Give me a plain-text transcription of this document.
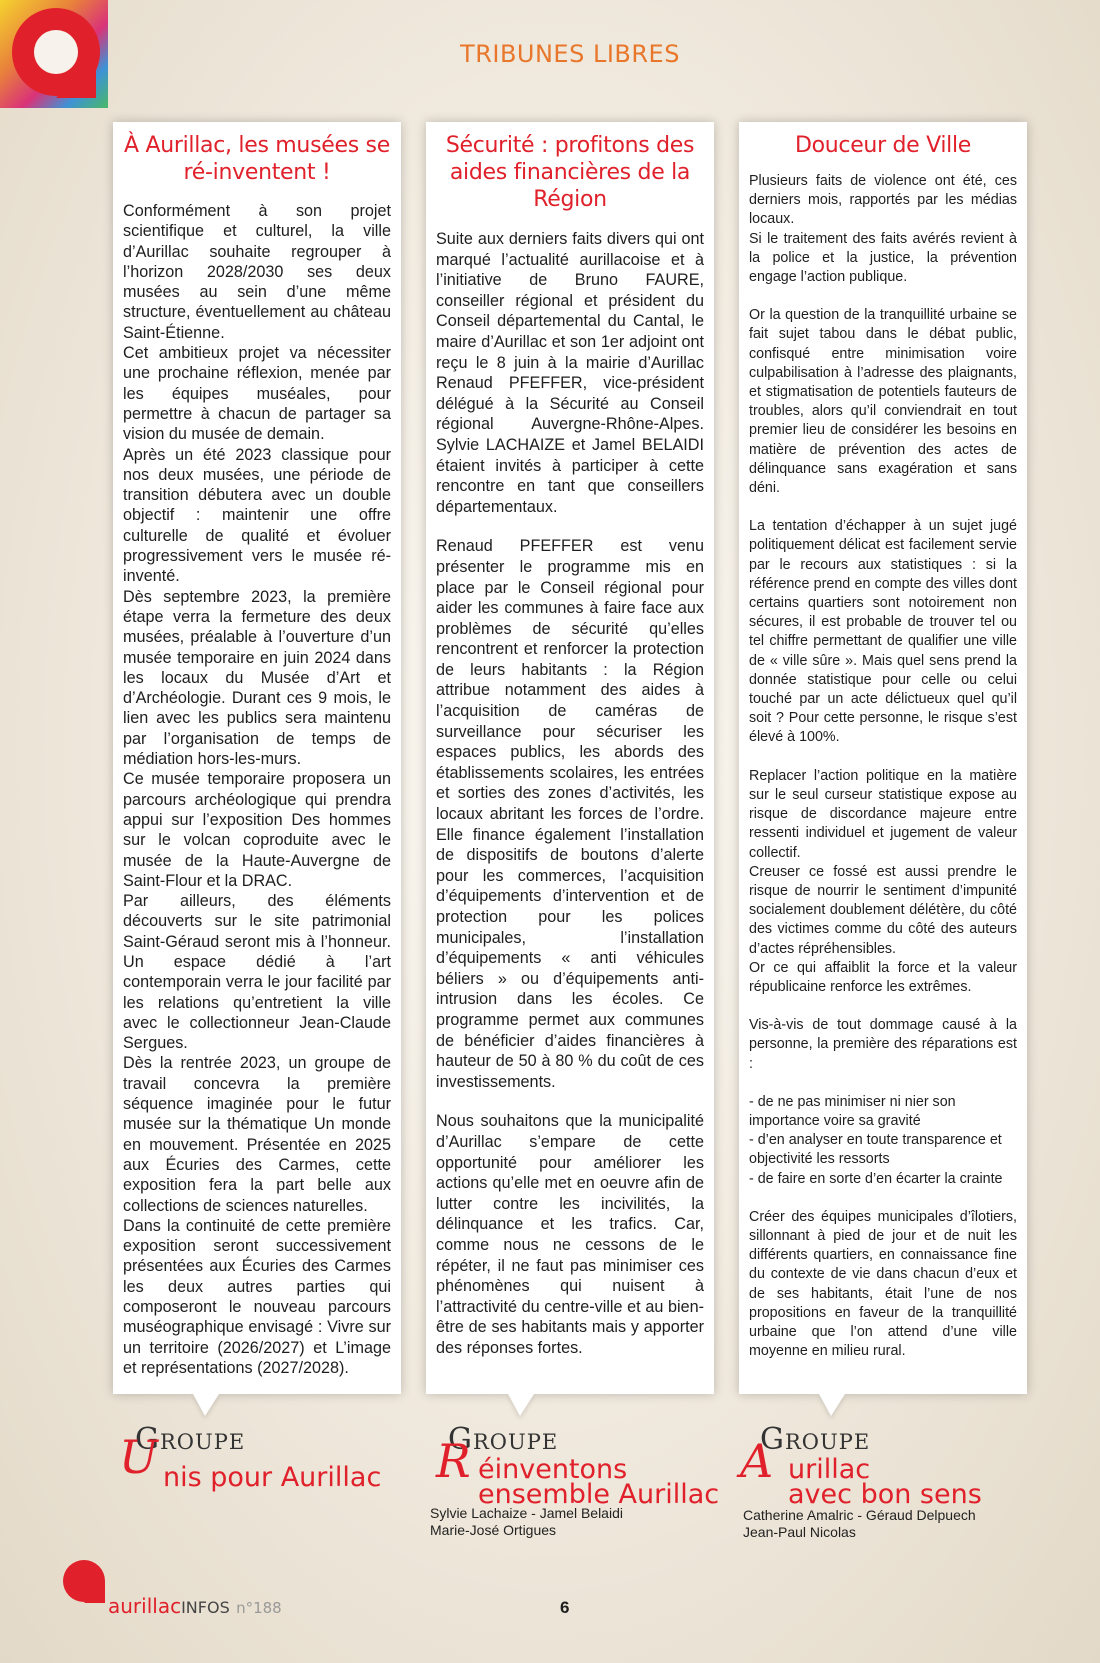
TRIBUNES LIBRES
À Aurillac, les musées se ré-inventent !

Conformément à son projet scientifique et culturel, la ville d’Aurillac souhaite regrouper à l’horizon 2028/2030 ses deux musées au sein d’une même structure, éventuellement au château Saint-Étienne.

Cet ambitieux projet va nécessiter une prochaine réflexion, menée par les équipes muséales, pour permettre à chacun de partager sa vision du musée de demain.

Après un été 2023 classique pour nos deux musées, une période de transition débutera avec un double objectif : maintenir une offre culturelle de qualité et évoluer progressivement vers le musée ré-inventé.

Dès septembre 2023, la première étape verra la fermeture des deux musées, préalable à l’ouverture d’un musée temporaire en juin 2024 dans les locaux du Musée d’Art et d’Archéologie. Durant ces 9 mois, le lien avec les publics sera maintenu par l’organisation de temps de médiation hors-les-murs.

Ce musée temporaire proposera un parcours archéologique qui prendra appui sur l’exposition Des hommes sur le volcan coproduite avec le musée de la Haute-Auvergne de Saint-Flour et la DRAC.

Par ailleurs, des éléments découverts sur le site patrimonial Saint-Géraud seront mis à l’honneur. Un espace dédié à l’art contemporain verra le jour facilité par les relations qu’entretient la ville avec le collectionneur Jean-Claude Sergues.

Dès la rentrée 2023, un groupe de travail concevra la première séquence imaginée pour le futur musée sur la thématique Un monde en mouvement. Présentée en 2025 aux Écuries des Carmes, cette exposition fera la part belle aux collections de sciences naturelles.

Dans la continuité de cette première exposition seront successivement présentées aux Écuries des Carmes les deux autres parties qui composeront le nouveau parcours muséographique envisagé : Vivre sur un territoire (2026/2027) et L’image et représentations (2027/2028).

Sécurité : profitons des aides financières de la Région

Suite aux derniers faits divers qui ont marqué l’actualité aurillacoise et à l’initiative de Bruno FAURE, conseiller régional et président du Conseil départemental du Cantal, le maire d’Aurillac et son 1er adjoint ont reçu le 8 juin à la mairie d’Aurillac Renaud PFEFFER, vice-président délégué à la Sécurité au Conseil régional Auvergne-Rhône-Alpes. Sylvie LACHAIZE et Jamel BELAIDI étaient invités à participer à cette rencontre en tant que conseillers départementaux.

Renaud PFEFFER est venu présenter le programme mis en place par le Conseil régional pour aider les communes à faire face aux problèmes de sécurité qu’elles rencontrent et renforcer la protection de leurs habitants : la Région attribue notamment des aides à l’acquisition de caméras de surveillance pour sécuriser les espaces publics, les abords des établissements scolaires, les entrées et sorties des zones d’activités, les locaux abritant les forces de l’ordre. Elle finance également l’installation de dispositifs de boutons d’alerte pour les commerces, l’acquisition d’équipements d’intervention et de protection pour les polices municipales, l’installation d’équipements « anti véhicules béliers » ou d’équipements anti-intrusion dans les écoles. Ce programme permet aux communes de bénéficier d’aides financières à hauteur de 50 à 80 % du coût de ces investissements.

Nous souhaitons que la municipalité d’Aurillac s’empare de cette opportunité pour améliorer les actions qu’elle met en oeuvre afin de lutter contre les incivilités, la délinquance et les trafics. Car, comme nous ne cessons de le répéter, il ne faut pas minimiser ces phénomènes qui nuisent à l’attractivité du centre-ville et au bien-être de ses habitants mais y apporter des réponses fortes.

Douceur de Ville

Plusieurs faits de violence ont été, ces derniers mois, rapportés par les médias locaux.

Si le traitement des faits avérés revient à la police et la justice, la prévention engage l’action publique.

Or la question de la tranquillité urbaine se fait sujet tabou dans le débat public, confisqué entre minimisation voire culpabilisation à l’adresse des plaignants, et stigmatisation de potentiels fauteurs de troubles, alors qu’il conviendrait en tout premier lieu de considérer les besoins en matière de prévention des actes de délinquance sans exagération et sans déni.

La tentation d’échapper à un sujet jugé politiquement délicat est facilement servie par le recours aux statistiques : si la référence prend en compte des villes dont certains quartiers sont notoirement non sécures, il est probable de trouver tel ou tel chiffre permettant de qualifier une ville de « ville sûre ». Mais quel sens prend la donnée statistique pour celle ou celui touché par un acte délictueux quel qu’il soit ? Pour cette personne, le risque s’est élevé à 100%.

Replacer l’action politique en la matière sur le seul curseur statistique expose au risque de discordance majeure entre ressenti individuel et jugement de valeur collectif.

Creuser ce fossé est aussi prendre le risque de nourrir le sentiment d’impunité socialement doublement délétère, du côté des victimes comme du côté des auteurs d’actes répréhensibles.

Or ce qui affaiblit la force et la valeur républicaine renforce les extrêmes.

Vis-à-vis de tout dommage causé à la personne, la première des réparations est :

- de ne pas minimiser ni nier son importance voire sa gravité

- d’en analyser en toute transparence et objectivité les ressorts

- de faire en sorte d’en écarter la crainte

Créer des équipes municipales d’îlotiers, sillonnant à pied de jour et de nuit les différents quartiers, en connaissance fine du contexte de vie dans chacun d’eux et de ses habitants, était l’une de nos propositions en faveur de la tranquillité urbaine que l’on attend d’une ville moyenne en milieu rural.

Groupe
U nis pour Aurillac
Groupe
R éinventons
ensemble Aurillac
Sylvie Lachaize - Jamel Belaidi
Marie-José Ortigues
Groupe
A urillac
avec bon sens
Catherine Amalric - Géraud Delpuech
Jean-Paul Nicolas
aurillacINFOS n°188	6
